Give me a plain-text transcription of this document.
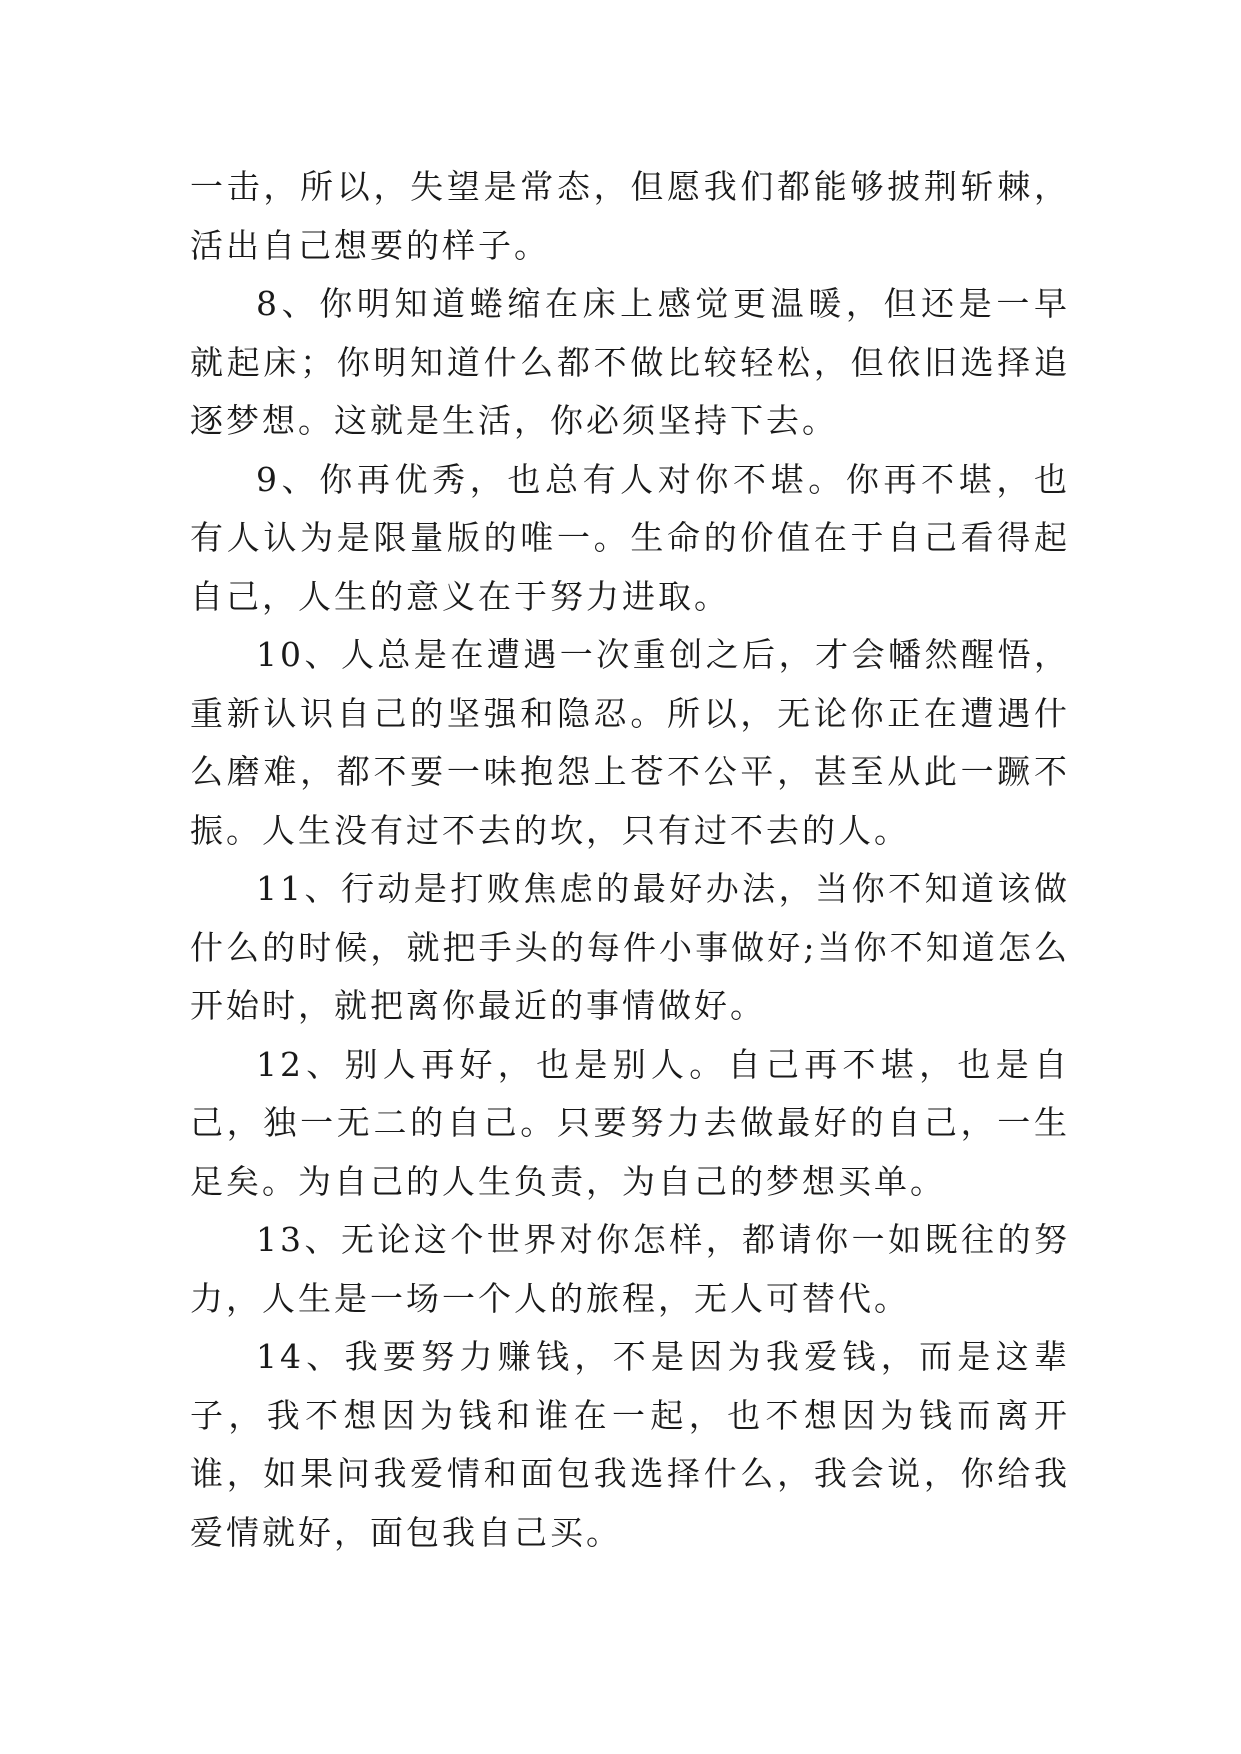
一击，所以，失望是常态，但愿我们都能够披荆斩棘，活出自己想要的样子。

8、你明知道蜷缩在床上感觉更温暖，但还是一早就起床；你明知道什么都不做比较轻松，但依旧选择追逐梦想。这就是生活，你必须坚持下去。

9、你再优秀，也总有人对你不堪。你再不堪，也有人认为是限量版的唯一。生命的价值在于自己看得起自己，人生的意义在于努力进取。

10、人总是在遭遇一次重创之后，才会幡然醒悟，重新认识自己的坚强和隐忍。所以，无论你正在遭遇什么磨难，都不要一味抱怨上苍不公平，甚至从此一蹶不振。人生没有过不去的坎，只有过不去的人。

11、行动是打败焦虑的最好办法，当你不知道该做什么的时候，就把手头的每件小事做好;当你不知道怎么开始时，就把离你最近的事情做好。

12、别人再好，也是别人。自己再不堪，也是自己，独一无二的自己。只要努力去做最好的自己，一生足矣。为自己的人生负责，为自己的梦想买单。

13、无论这个世界对你怎样，都请你一如既往的努力，人生是一场一个人的旅程，无人可替代。

14、我要努力赚钱，不是因为我爱钱，而是这辈子，我不想因为钱和谁在一起，也不想因为钱而离开谁，如果问我爱情和面包我选择什么，我会说，你给我爱情就好，面包我自己买。
